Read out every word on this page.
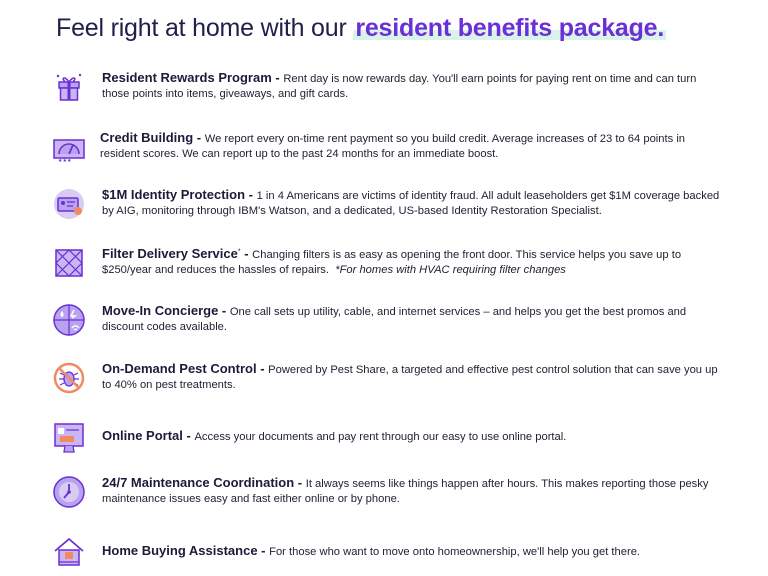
Feel right at home with our resident benefits package.
Resident Rewards Program - Rent day is now rewards day. You'll earn points for paying rent on time and can turn those points into items, giveaways, and gift cards.
★★★
Credit Building - We report every on-time rent payment so you build credit. Average increases of 23 to 64 points in resident scores. We can report up to the past 24 months for an immediate boost.
$1M Identity Protection - 1 in 4 Americans are victims of identity fraud. All adult leaseholders get $1M coverage backed by AIG, monitoring through IBM's Watson, and a dedicated, US-based Identity Restoration Specialist.
Filter Delivery Service* - Changing filters is as easy as opening the front door. This service helps you save up to $250/year and reduces the hassles of repairs. *For homes with HVAC requiring filter changes
Move-In Concierge - One call sets up utility, cable, and internet services – and helps you get the best promos and discount codes available.
On-Demand Pest Control - Powered by Pest Share, a targeted and effective pest control solution that can save you up to 40% on pest treatments.
Online Portal - Access your documents and pay rent through our easy to use online portal.
24/7 Maintenance Coordination - It always seems like things happen after hours. This makes reporting those pesky maintenance issues easy and fast either online or by phone.
Home Buying Assistance - For those who want to move onto homeownership, we'll help you get there.
